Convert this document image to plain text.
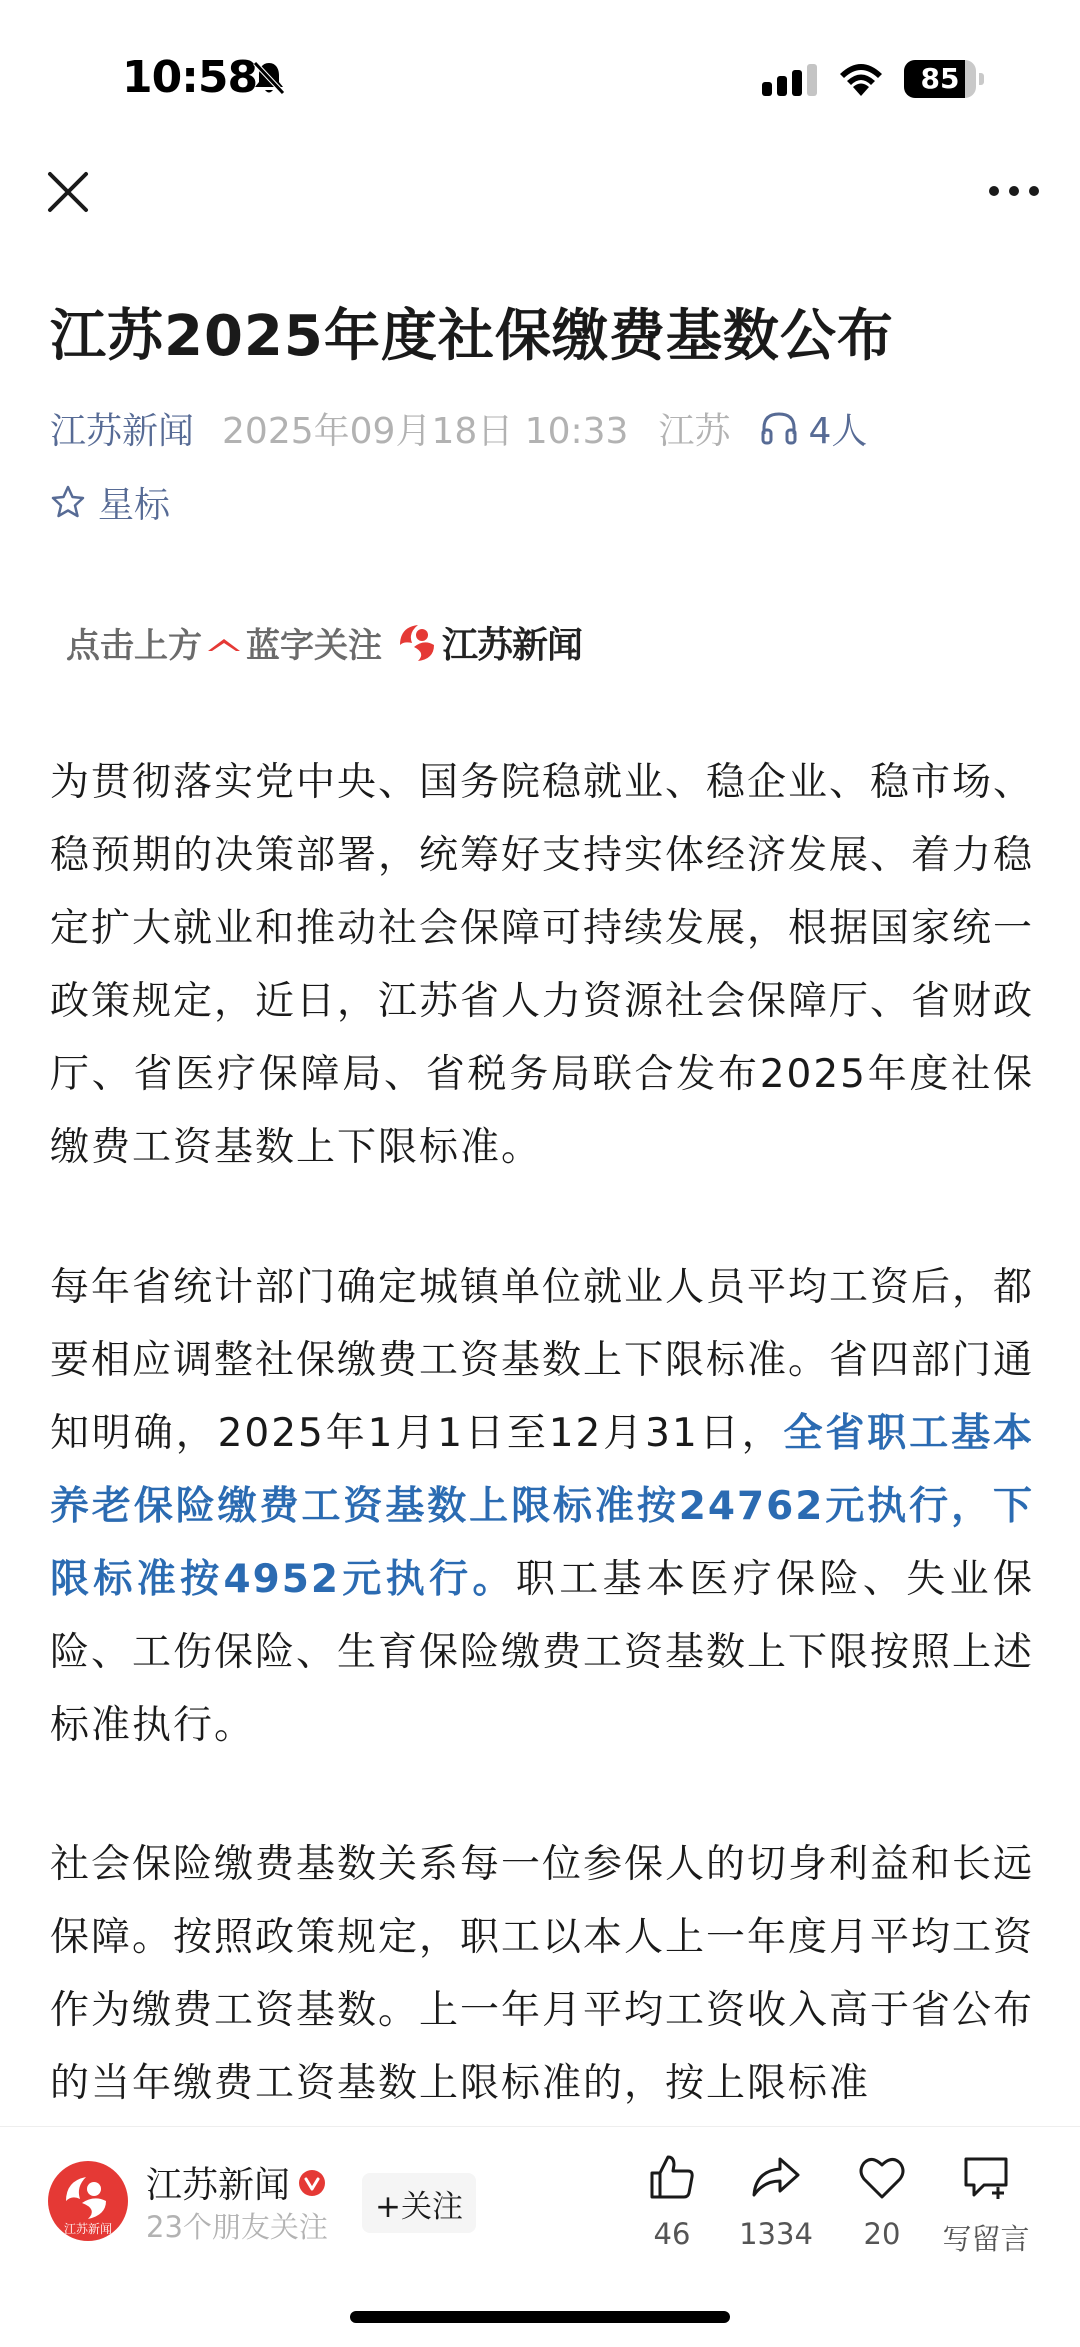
10:58	85
江苏2025年度社保缴费基数公布
江苏新闻 2025年09月18日 10:33 江苏 4人
星标
点击上方 蓝字关注 江苏新闻

为贯彻落实党中央、国务院稳就业、稳企业、稳市场、稳预期的决策部署，统筹好支持实体经济发展、着力稳定扩大就业和推动社会保障可持续发展，根据国家统一政策规定，近日，江苏省人力资源社会保障厅、省财政厅、省医疗保障局、省税务局联合发布2025年度社保缴费工资基数上下限标准。

每年省统计部门确定城镇单位就业人员平均工资后，都要相应调整社保缴费工资基数上下限标准。省四部门通知明确，2025年1月1日至12月31日，全省职工基本养老保险缴费工资基数上限标准按24762元执行，下限标准按4952元执行。职工基本医疗保险、失业保险、工伤保险、生育保险缴费工资基数上下限按照上述标准执行。

社会保险缴费基数关系每一位参保人的切身利益和长远保障。按照政策规定，职工以本人上一年度月平均工资作为缴费工资基数。上一年月平均工资收入高于省公布的当年缴费工资基数上限标准的，按上限标准

江苏新闻
江苏新闻
23个朋友关注
+关注
46 1334 20 写留言
